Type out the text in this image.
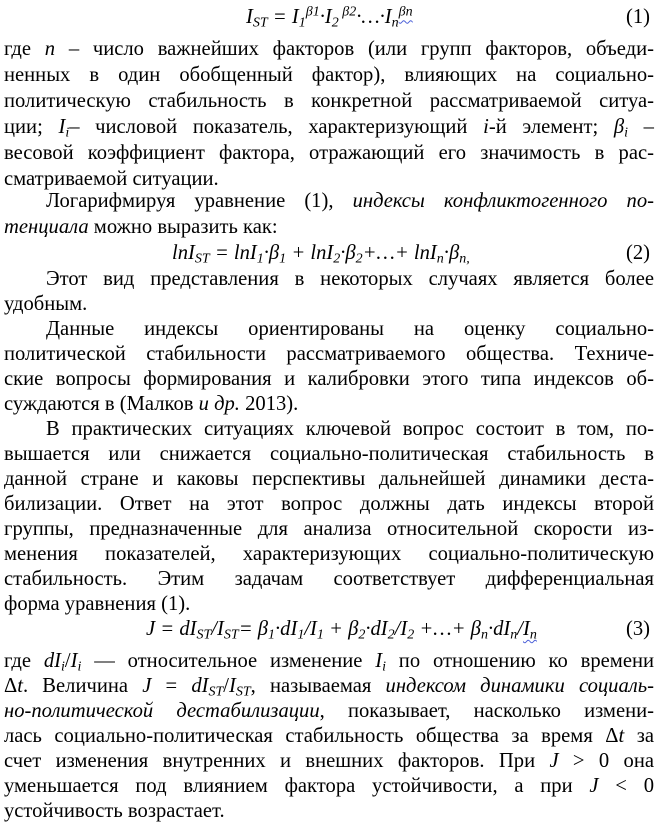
$I_{ST} = I_1^{\beta 1}\cdot I_2$ $^{\beta 2}\cdot\dots\cdot I_n^{\beta n}$	(1)
где n – число важнейших факторов (или групп факторов, объеди-
ненных в один обобщенный фактор), влияющих на социально-
политическую стабильность в конкретной рассматриваемой ситуа-
ции; $I_i-$ числовой показатель, характеризующий i-й элемент; $\beta_i$ –
весовой коэффициент фактора, отражающий его значимость в рас-
сматриваемой ситуации.
Логарифмируя уравнение (1), индексы конфликтогенного по-
тенциала можно выразить как:
$\ln I_{ST} = \ln I_1\cdot\beta_1$ + $\ln I_2\cdot\beta_2+\dots+ \ln I_n\cdot\beta_{n,}$	(2)
Этот вид представления в некоторых случаях является более
удобным.
Данные индексы ориентированы на оценку социально-
политической стабильности рассматриваемого общества. Техниче-
ские вопросы формирования и калибровки этого типа индексов об-
суждаются в (Малков и др. 2013).
В практических ситуациях ключевой вопрос состоит в том, по-
вышается или снижается социально-политическая стабильность в
данной стране и каковы перспективы дальнейшей динамики деста-
билизации. Ответ на этот вопрос должны дать индексы второй
группы, предназначенные для анализа относительной скорости из-
менения показателей, характеризующих социально-политическую
стабильность. Этим задачам соответствует дифференциальная
форма уравнения (1).
$J = dI_{ST}/I_{ST}= \beta_1\cdot dI_1/I_1 + \beta_2\cdot dI_2/I_2$ +…+ $\beta_n\cdot dI_n/I_n$	(3)
где $dI_i/I_i$ — относительное изменение $I_i$ по отношению ко времени
Δt. Величина $J = dI_{ST}/I_{ST}$, называемая индексом динамики социаль-
но-политической дестабилизации, показывает, насколько измени-
лась социально-политическая стабильность общества за время Δt за
счет изменения внутренних и внешних факторов. При J > 0 она
уменьшается под влиянием фактора устойчивости, а при J < 0
устойчивость возрастает.
